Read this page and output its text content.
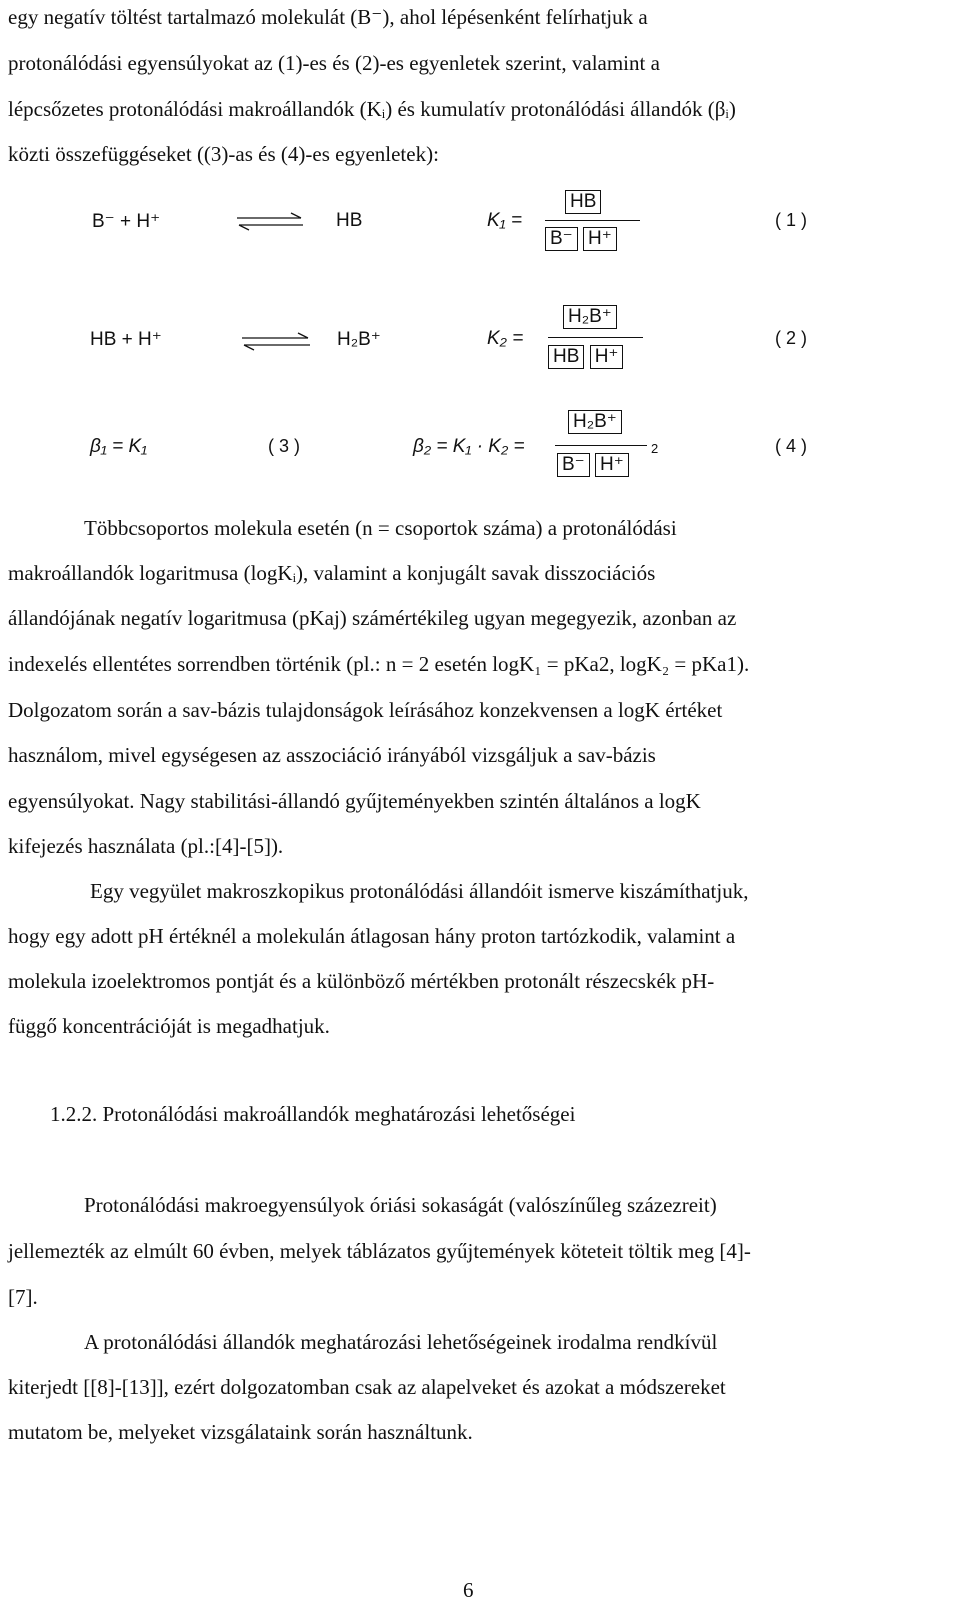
egy negatív töltést tartalmazó molekulát (B⁻), ahol lépésenként felírhatjuk a
protonálódási egyensúlyokat az (1)-es és (2)-es egyenletek szerint, valamint a
lépcsőzetes protonálódási makroállandók (Kᵢ) és kumulatív protonálódási állandók (βᵢ)
közti összefüggéseket ((3)-as és (4)-es egyenletek):
B⁻ + H⁺	HB	K₁ =
HB
B⁻ H⁺
( 1 )
HB + H⁺	H₂B⁺	K₂ =
H₂B⁺
HB H⁺
( 2 )
β₁ = K₁	( 3 )	β₂ = K₁ · K₂ =
H₂B⁺
B⁻ H⁺
2	( 4 )
Többcsoportos molekula esetén (n = csoportok száma) a protonálódási
makroállandók logaritmusa (logKᵢ), valamint a konjugált savak disszociációs
állandójának negatív logaritmusa (pKaj) számértékileg ugyan megegyezik, azonban az
indexelés ellentétes sorrendben történik (pl.: n = 2 esetén logK₁ = pKa2, logK₂ = pKa1).
Dolgozatom során a sav-bázis tulajdonságok leírásához konzekvensen a logK értéket
használom, mivel egységesen az asszociáció irányából vizsgáljuk a sav-bázis
egyensúlyokat. Nagy stabilitási-állandó gyűjteményekben szintén általános a logK
kifejezés használata (pl.:[4]-[5]).
Egy vegyület makroszkopikus protonálódási állandóit ismerve kiszámíthatjuk,
hogy egy adott pH értéknél a molekulán átlagosan hány proton tartózkodik, valamint a
molekula izoelektromos pontját és a különböző mértékben protonált részecskék pH-
függő koncentrációját is megadhatjuk.
1.2.2. Protonálódási makroállandók meghatározási lehetőségei
Protonálódási makroegyensúlyok óriási sokaságát (valószínűleg százezreit)
jellemezték az elmúlt 60 évben, melyek táblázatos gyűjtemények köteteit töltik meg [4]-
[7].
A protonálódási állandók meghatározási lehetőségeinek irodalma rendkívül
kiterjedt [[8]-[13]], ezért dolgozatomban csak az alapelveket és azokat a módszereket
mutatom be, melyeket vizsgálataink során használtunk.
6
